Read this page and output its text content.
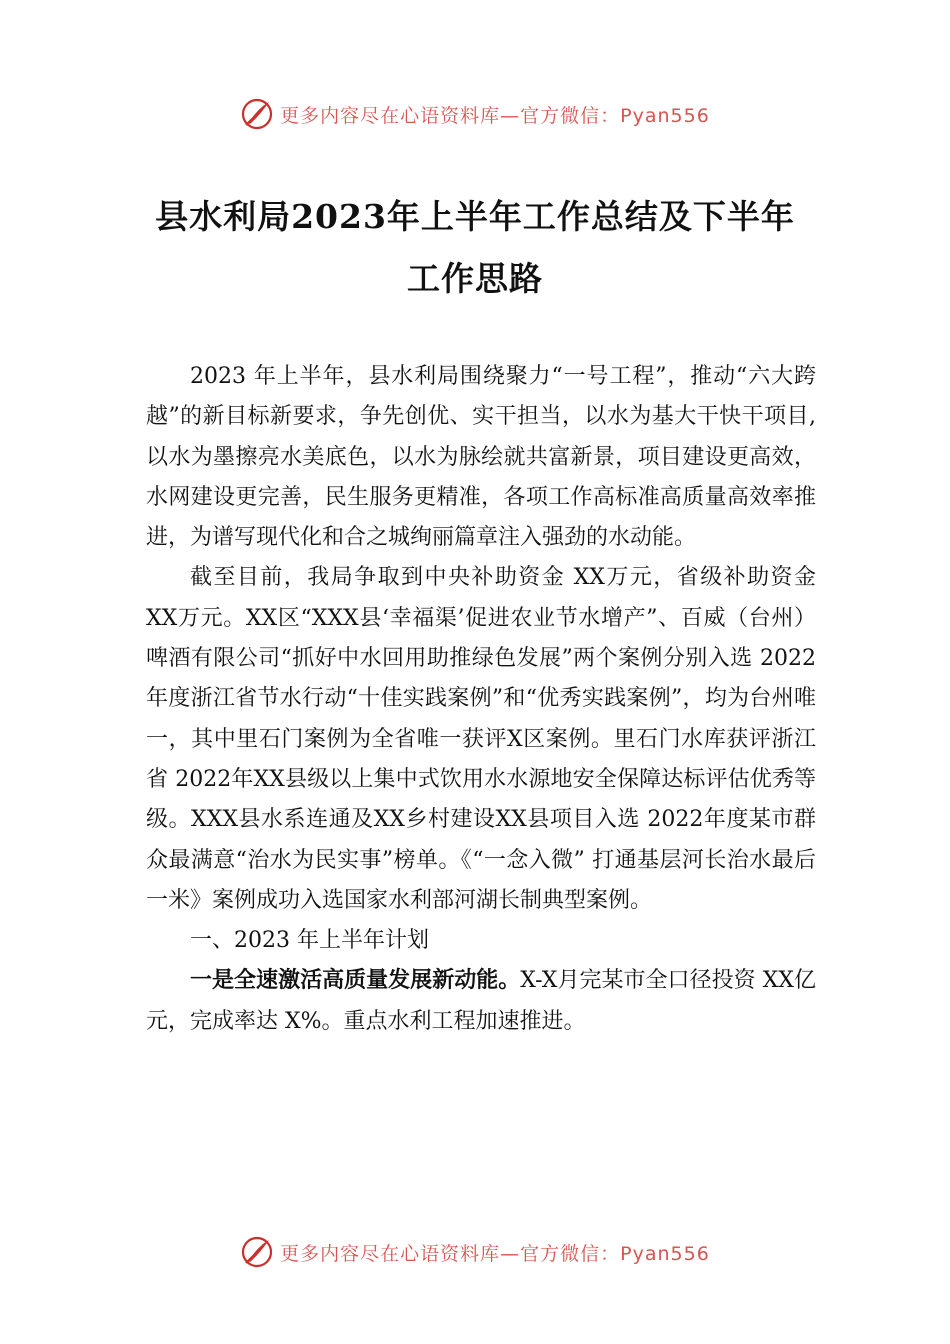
更多内容尽在心语资料库—官方微信：Pyan556
县水利局2023年上半年工作总结及下半年
工作思路

2023 年上半年，县水利局围绕聚力“一号工程”，推动“六大跨越”的新目标新要求，争先创优、实干担当，以水为基大干快干项目,以水为墨擦亮水美底色，以水为脉绘就共富新景，项目建设更高效，水网建设更完善，民生服务更精准，各项工作高标准高质量高效率推进，为谱写现代化和合之城绚丽篇章注入强劲的水动能。

截至目前，我局争取到中央补助资金 XX万元，省级补助资金 XX万元。XX区“XXX县‘幸福渠’促进农业节水增产”、百威（台州）啤酒有限公司“抓好中水回用助推绿色发展”两个案例分别入选 2022年度浙江省节水行动“十佳实践案例”和“优秀实践案例”，均为台州唯一，其中里石门案例为全省唯一获评X区案例。里石门水库获评浙江省 2022年XX县级以上集中式饮用水水源地安全保障达标评估优秀等级。XXX县水系连通及XX乡村建设XX县项目入选 2022年度某市群众最满意“治水为民实事”榜单。《“一念入微” 打通基层河长治水最后一米》案例成功入选国家水利部河湖长制典型案例。

一、2023 年上半年计划

一是全速激活高质量发展新动能。X-X月完某市全口径投资 XX亿元，完成率达 X%。重点水利工程加速推进。

更多内容尽在心语资料库—官方微信：Pyan556
